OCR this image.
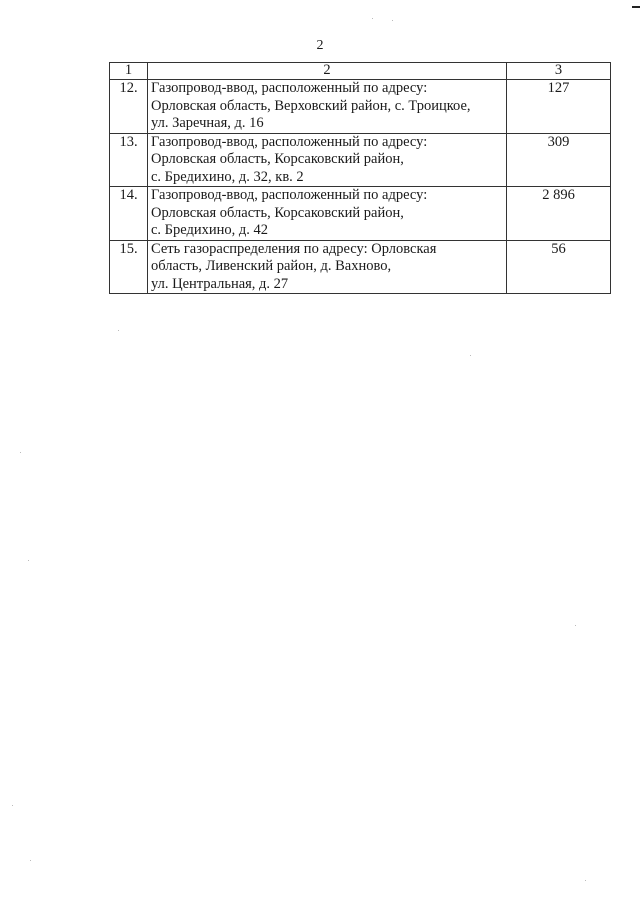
2
1	2	3
12.	Газопровод-ввод, расположенный по адресу:
Орловская область, Верховский район, с. Троицкое,
ул. Заречная, д. 16	127
13.	Газопровод-ввод, расположенный по адресу:
Орловская область, Корсаковский район,
с. Бредихино, д. 32, кв. 2	309
14.	Газопровод-ввод, расположенный по адресу:
Орловская область, Корсаковский район,
с. Бредихино, д. 42	2 896
15.	Сеть газораспределения по адресу: Орловская
область, Ливенский район, д. Вахново,
ул. Центральная, д. 27	56
